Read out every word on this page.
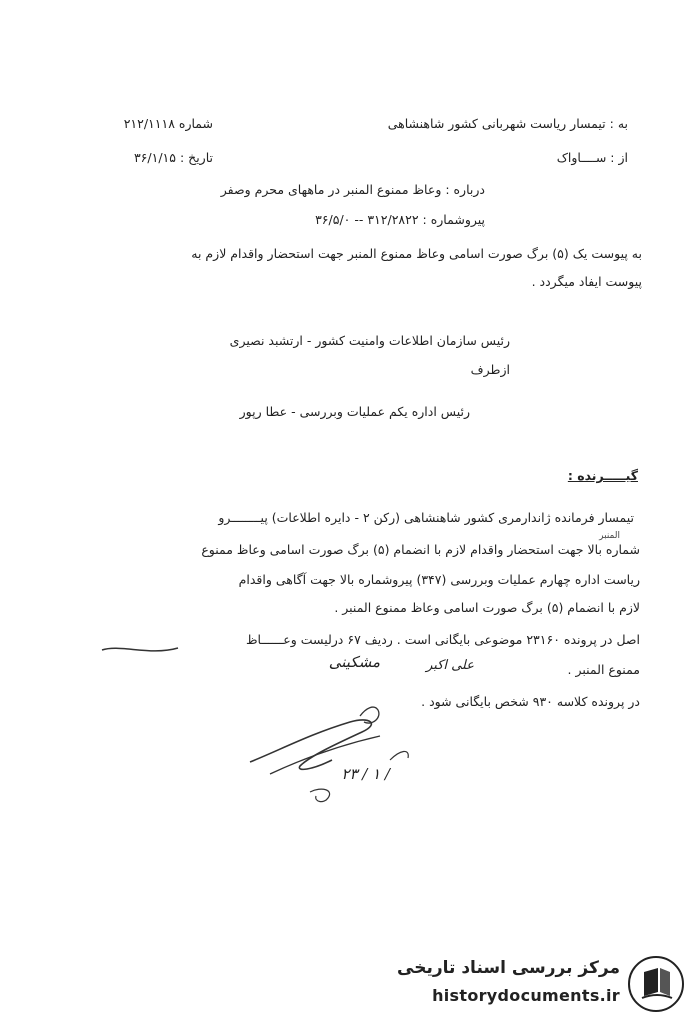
به : تیمسار ریاست شهربانی کشور شاهنشاهی
شماره ۲۱۲/۱۱۱۸
از : ســــاواک
تاریخ : ۳۶/۱/۱۵
درباره : وعاظ ممنوع المنبر در ماههای محرم وصفر
پیروشماره : ۳۱۲/۲۸۲۲ -- ۳۶/۵/۰
به پیوست یک (۵) برگ صورت اسامی وعاظ ممنوع المنبر جهت استحضار واقدام لازم به
پیوست ایفاد میگردد .
رئیس سازمان اطلاعات وامنیت کشور - ارتشبد نصیری
ازطرف
رئیس اداره یکم عملیات وبررسی - عطا رپور
گیـــــرنده :
تیمسار فرمانده ژاندارمری کشور شاهنشاهی (رکن ۲ - دایره اطلاعات) پیــــــــرو
المنبر
شماره بالا جهت استحضار واقدام لازم با انضمام (۵) برگ صورت اسامی وعاظ ممنوع
ریاست اداره چهارم عملیات وبررسی (۳۴۷) پیروشماره بالا جهت آگاهی واقدام
لازم با انضمام (۵) برگ صورت اسامی وعاظ ممنوع المنبر .
اصل در پرونده ۲۳۱۶۰ موضوعی بایگانی است . ردیف ۶۷ درلیست وعــــــاظ
ممنوع المنبر .
در پرونده کلاسه ۹۳۰ شخص بایگانی شود .
علی اکبر
مشکینی
۲۳ / ۱ /
مرکز بررسی اسناد تاریخی
historydocuments.ir
